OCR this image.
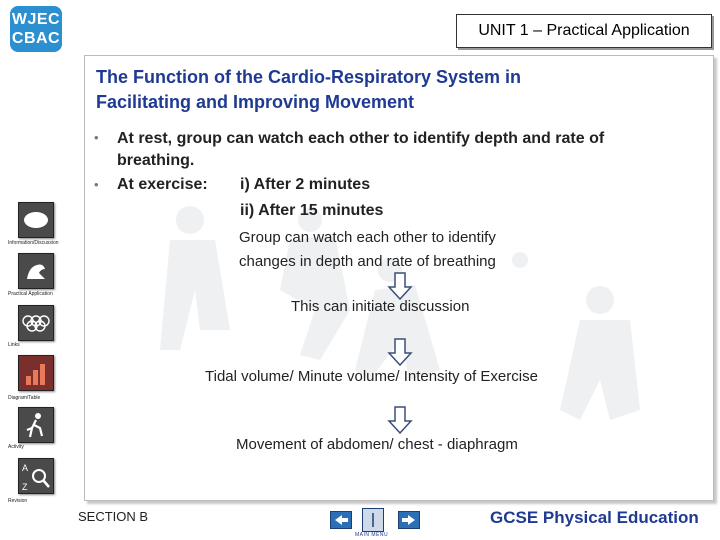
WJEC
CBAC	UNIT 1 – Practical Application
The Function of the Cardio-Respiratory System in
Facilitating and Improving Movement
• At rest, group can watch each other to identify depth and rate of
breathing.
• At exercise: i) After 2 minutes
ii) After 15 minutes
Group can watch each other to identify
changes in depth and rate of breathing
This can initiate discussion
Tidal volume/ Minute volume/ Intensity of Exercise
Movement of abdomen/ chest - diaphragm
Information/Discussion
Practical Application
Links
Diagram/Table
Activity
A
Z
Revision
SECTION B
MAIN MENU
GCSE Physical Education
